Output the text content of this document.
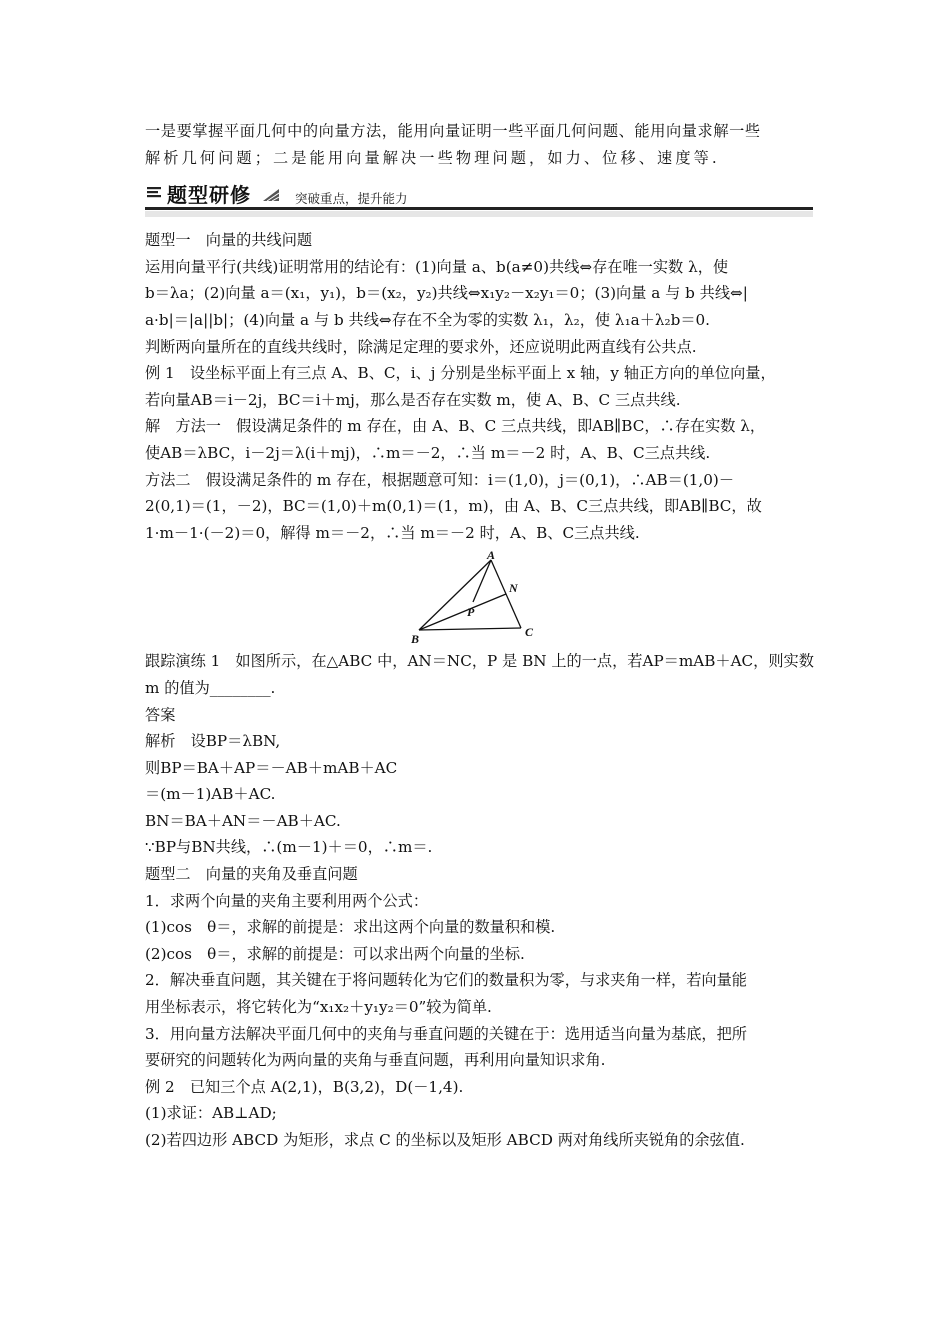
一是要掌握平面几何中的向量方法，能用向量证明一些平面几何问题、能用向量求解一些
解析几何问题；二是能用向量解决一些物理问题，如力、位移、速度等.
题型研修	突破重点，提升能力
题型一　向量的共线问题
运用向量平行(共线)证明常用的结论有：(1)向量 a、b(a≠0)共线⇔存在唯一实数 λ，使
b＝λa；(2)向量 a＝(x₁，y₁)，b＝(x₂，y₂)共线⇔x₁y₂－x₂y₁＝0；(3)向量 a 与 b 共线⇔|
a·b|＝|a||b|；(4)向量 a 与 b 共线⇔存在不全为零的实数 λ₁，λ₂，使 λ₁a＋λ₂b＝0.
判断两向量所在的直线共线时，除满足定理的要求外，还应说明此两直线有公共点.
例 1　设坐标平面上有三点 A、B、C，i、j 分别是坐标平面上 x 轴，y 轴正方向的单位向量，
若向量AB＝i－2j，BC＝i＋mj，那么是否存在实数 m，使 A、B、C 三点共线.
解　方法一　假设满足条件的 m 存在，由 A、B、C 三点共线，即AB∥BC，∴存在实数 λ，
使AB＝λBC，i－2j＝λ(i＋mj)，∴m＝－2，∴当 m＝－2 时，A、B、C三点共线.
方法二　假设满足条件的 m 存在，根据题意可知：i＝(1,0)，j＝(0,1)，∴AB＝(1,0)－
2(0,1)＝(1，－2)，BC＝(1,0)＋m(0,1)＝(1，m)，由 A、B、C三点共线，即AB∥BC，故
1·m－1·(－2)＝0，解得 m＝－2，∴当 m＝－2 时，A、B、C三点共线.
A
B	C
N
P
跟踪演练 1　如图所示，在△ABC 中，AN＝NC，P 是 BN 上的一点，若AP＝mAB＋AC，则实数
m 的值为________.
答案
解析　设BP＝λBN,
则BP＝BA＋AP＝－AB＋mAB＋AC
＝(m－1)AB＋AC.
BN＝BA＋AN＝－AB＋AC.
∵BP与BN共线，∴(m－1)＋＝0，∴m＝.
题型二　向量的夹角及垂直问题
1．求两个向量的夹角主要利用两个公式：
(1)cos　θ＝，求解的前提是：求出这两个向量的数量积和模.
(2)cos　θ＝，求解的前提是：可以求出两个向量的坐标.
2．解决垂直问题，其关键在于将问题转化为它们的数量积为零，与求夹角一样，若向量能
用坐标表示，将它转化为“x₁x₂＋y₁y₂＝0”较为简单.
3．用向量方法解决平面几何中的夹角与垂直问题的关键在于：选用适当向量为基底，把所
要研究的问题转化为两向量的夹角与垂直问题，再利用向量知识求角.
例 2　已知三个点 A(2,1)，B(3,2)，D(－1,4).
(1)求证：AB⊥AD;
(2)若四边形 ABCD 为矩形，求点 C 的坐标以及矩形 ABCD 两对角线所夹锐角的余弦值.
